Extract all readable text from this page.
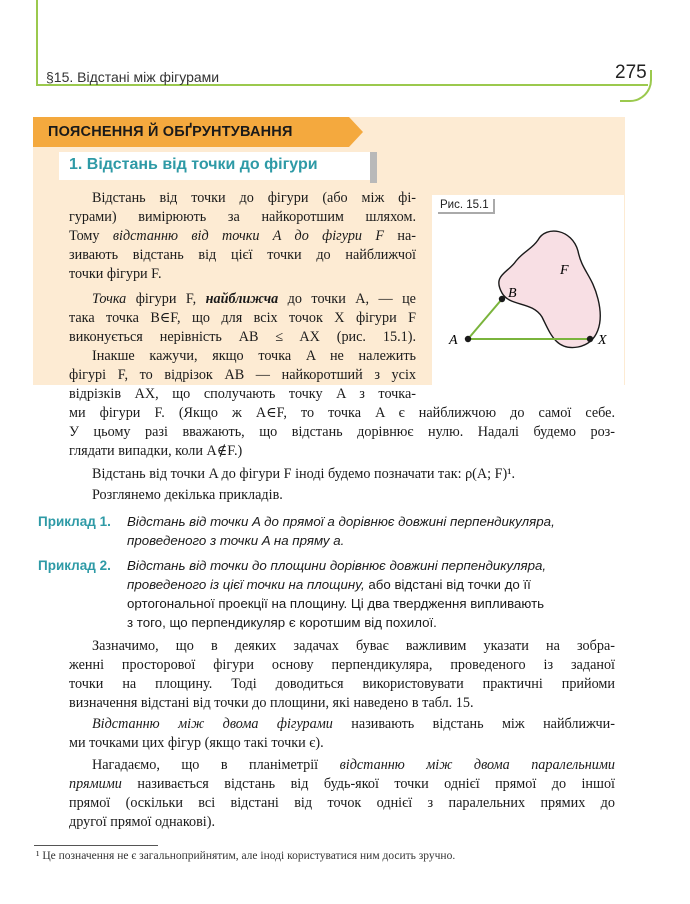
§15. Відстані між фігурами	275
ПОЯСНЕННЯ Й ОБҐРУНТУВАННЯ
1. Відстань від точки до фігури
Рис. 15.1
A
B
X
F
Відстань від точки до фігури (або між фі-
гурами) вимірюють за найкоротшим шляхом.
Тому відстанню від точки A до фігури F на-
зивають відстань від цієї точки до найближчої
точки фігури F.
Точка фігури F, найближча до точки A, — це
така точка B∈F, що для всіх точок X фігури F
виконується нерівність AB ≤ AX (рис. 15.1).
Інакше кажучи, якщо точка A не належить
фігурі F, то відрізок AB — найкоротший з усіх
відрізків AX, що сполучають точку A з точка-
ми фігури F. (Якщо ж A∈F, то точка A є найближчою до самої себе.
У цьому разі вважають, що відстань дорівнює нулю. Надалі будемо роз-
глядати випадки, коли A∉F.)
Відстань від точки A до фігури F іноді будемо позначати так: ρ(A; F)¹.
Розглянемо декілька прикладів.
Приклад 1. Відстань від точки A до прямої a дорівнює довжині перпендикуляра,
проведеного з точки A на пряму a.
Приклад 2. Відстань від точки до площини дорівнює довжині перпендикуляра,
проведеного із цієї точки на площину, або відстані від точки до її
ортогональної проекції на площину. Ці два твердження випливають
з того, що перпендикуляр є коротшим від похилої.
Зазначимо, що в деяких задачах буває важливим указати на зобра-
женні просторової фігури основу перпендикуляра, проведеного із заданої
точки на площину. Тоді доводиться використовувати практичні прийоми
визначення відстані від точки до площини, які наведено в табл. 15.
Відстанню між двома фігурами називають відстань між найближчи-
ми точками цих фігур (якщо такі точки є).
Нагадаємо, що в планіметрії відстанню між двома паралельними
прямими називається відстань від будь-якої точки однієї прямої до іншої
прямої (оскільки всі відстані від точок однієї з паралельних прямих до
другої прямої однакові).
¹ Це позначення не є загальноприйнятим, але іноді користуватися ним досить зручно.
